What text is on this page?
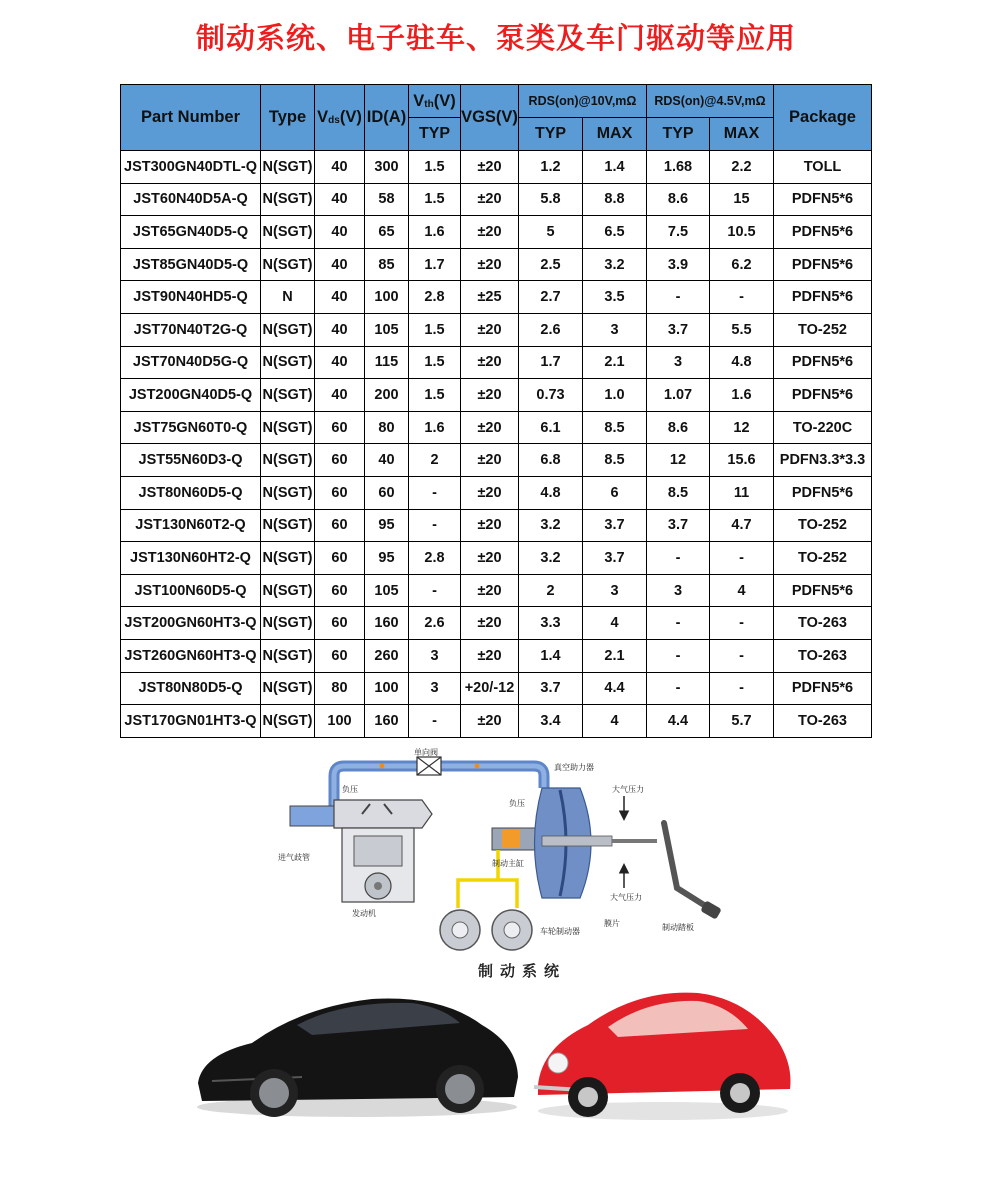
制动系统、电子驻车、泵类及车门驱动等应用
Part Number	Type	$V_{ds}(V)$	ID(A)	$V_{th}(V)$	VGS(V)	RDS(on)@10V,mΩ		RDS(on)@4.5V,mΩ		Package
				TYP		TYP	MAX	TYP	MAX	
JST300GN40DTL-Q	N(SGT)	40	300	1.5	±20	1.2	1.4	1.68	2.2	TOLL
JST60N40D5A-Q	N(SGT)	40	58	1.5	±20	5.8	8.8	8.6	15	PDFN5*6
JST65GN40D5-Q	N(SGT)	40	65	1.6	±20	5	6.5	7.5	10.5	PDFN5*6
JST85GN40D5-Q	N(SGT)	40	85	1.7	±20	2.5	3.2	3.9	6.2	PDFN5*6
JST90N40HD5-Q	N	40	100	2.8	±25	2.7	3.5	-	-	PDFN5*6
JST70N40T2G-Q	N(SGT)	40	105	1.5	±20	2.6	3	3.7	5.5	TO-252
JST70N40D5G-Q	N(SGT)	40	115	1.5	±20	1.7	2.1	3	4.8	PDFN5*6
JST200GN40D5-Q	N(SGT)	40	200	1.5	±20	0.73	1.0	1.07	1.6	PDFN5*6
JST75GN60T0-Q	N(SGT)	60	80	1.6	±20	6.1	8.5	8.6	12	TO-220C
JST55N60D3-Q	N(SGT)	60	40	2	±20	6.8	8.5	12	15.6	PDFN3.3*3.3
JST80N60D5-Q	N(SGT)	60	60	-	±20	4.8	6	8.5	11	PDFN5*6
JST130N60T2-Q	N(SGT)	60	95	-	±20	3.2	3.7	3.7	4.7	TO-252
JST130N60HT2-Q	N(SGT)	60	95	2.8	±20	3.2	3.7	-	-	TO-252
JST100N60D5-Q	N(SGT)	60	105	-	±20	2	3	3	4	PDFN5*6
JST200GN60HT3-Q	N(SGT)	60	160	2.6	±20	3.3	4	-	-	TO-263
JST260GN60HT3-Q	N(SGT)	60	260	3	±20	1.4	2.1	-	-	TO-263
JST80N80D5-Q	N(SGT)	80	100	3	+20/-12	3.7	4.4	-	-	PDFN5*6
JST170GN01HT3-Q	N(SGT)	100	160	-	±20	3.4	4	4.4	5.7	TO-263
单向阀
真空助力器
负压
负压
大气压力
大气压力
进气歧管
发动机
制动主缸
车轮制动器
膜片	制动踏板
制动系统
